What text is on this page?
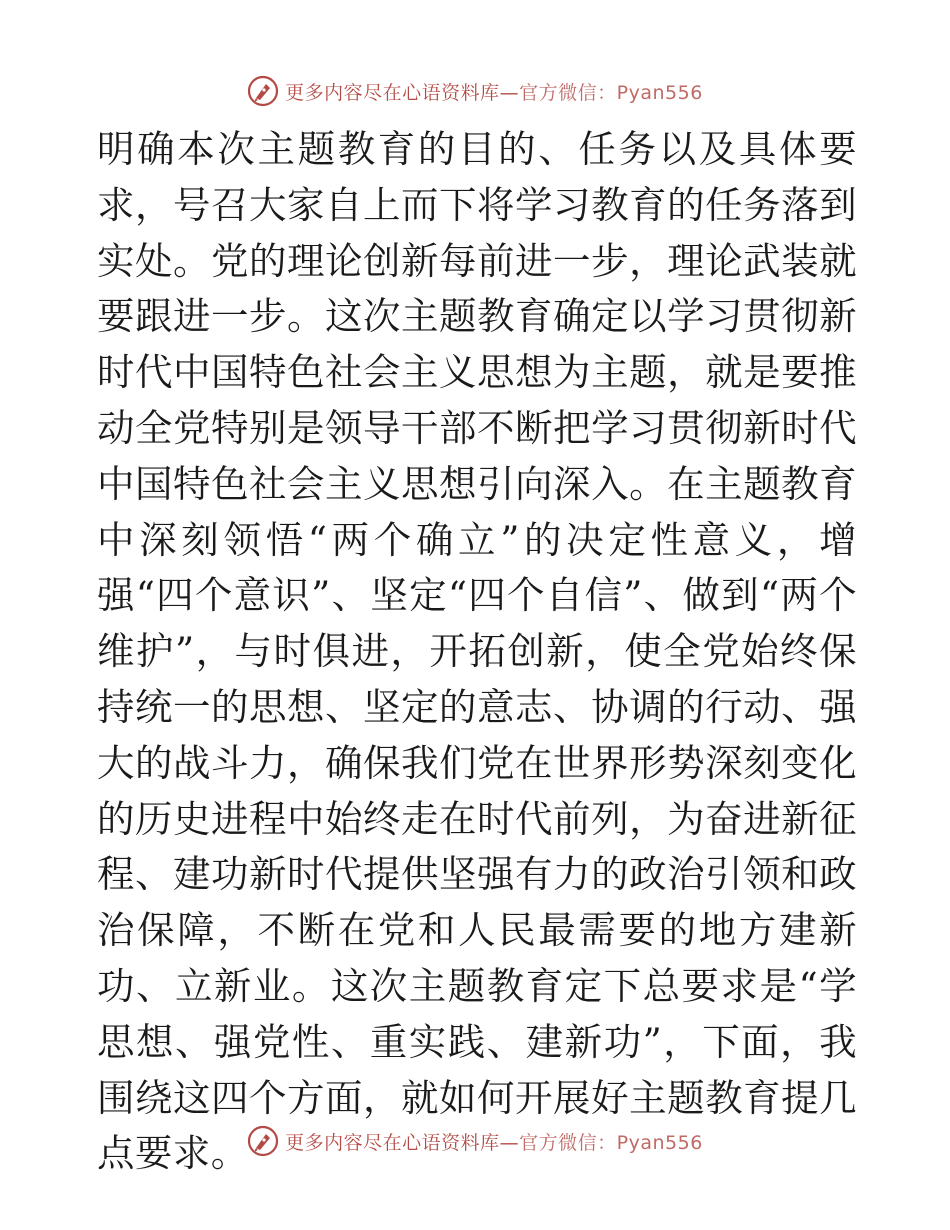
更多内容尽在心语资料库—官方微信：Pyan556

明确本次主题教育的目的、任务以及具体要求，号召大家自上而下将学习教育的任务落到实处。党的理论创新每前进一步，理论武装就要跟进一步。这次主题教育确定以学习贯彻新时代中国特色社会主义思想为主题，就是要推动全党特别是领导干部不断把学习贯彻新时代中国特色社会主义思想引向深入。在主题教育中深刻领悟“两个确立”的决定性意义，增强“四个意识”、坚定“四个自信”、做到“两个维护”，与时俱进，开拓创新，使全党始终保持统一的思想、坚定的意志、协调的行动、强大的战斗力，确保我们党在世界形势深刻变化的历史进程中始终走在时代前列，为奋进新征程、建功新时代提供坚强有力的政治引领和政治保障，不断在党和人民最需要的地方建新功、立新业。这次主题教育定下总要求是“学思想、强党性、重实践、建新功”，下面，我围绕这四个方面，就如何开展好主题教育提几点要求。	更多内容尽在心语资料库—官方微信：Pyan556
